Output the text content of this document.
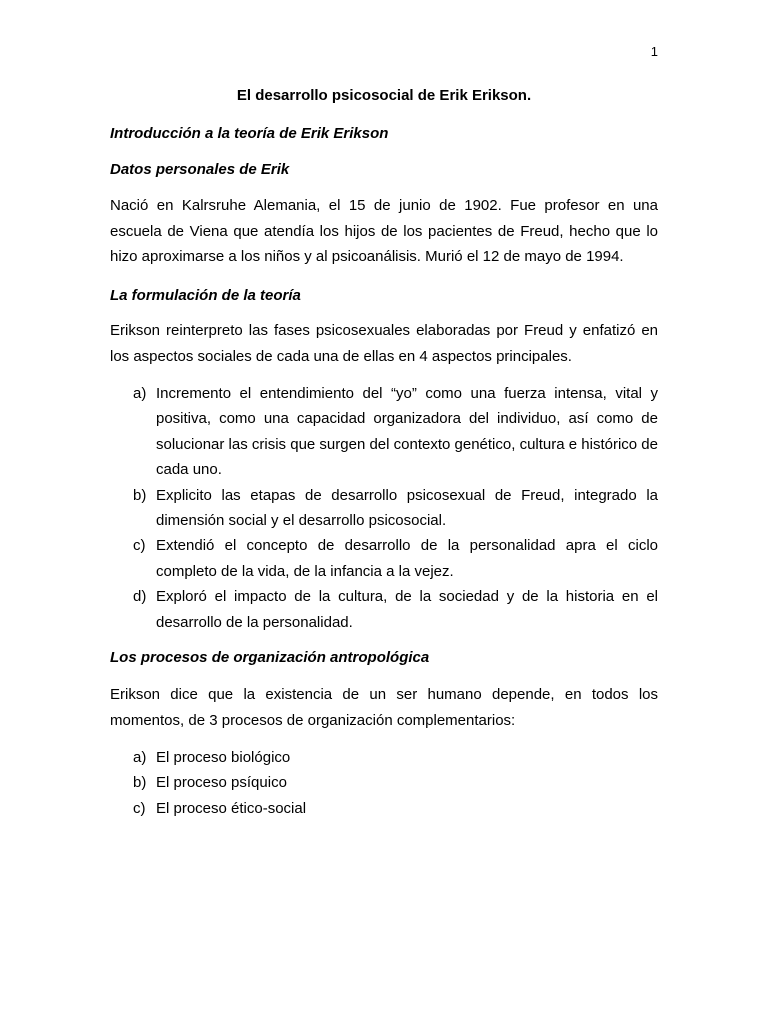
1
El desarrollo psicosocial de Erik Erikson.
Introducción a la teoría de Erik Erikson
Datos personales de Erik
Nació en Kalrsruhe Alemania, el 15 de junio de 1902. Fue profesor en una escuela de Viena que atendía los hijos de los pacientes de Freud, hecho que lo hizo aproximarse a los niños y al psicoanálisis. Murió el 12 de mayo de 1994.
La formulación de la teoría
Erikson reinterpreto las fases psicosexuales elaboradas por Freud y enfatizó en los aspectos sociales de cada una de ellas en 4 aspectos principales.
a) Incremento el entendimiento del “yo” como una fuerza intensa, vital y positiva, como una capacidad organizadora del individuo, así como de solucionar las crisis que surgen del contexto genético, cultura e histórico de cada uno.
b) Explicito las etapas de desarrollo psicosexual de Freud, integrado la dimensión social y el desarrollo psicosocial.
c) Extendió el concepto de desarrollo de la personalidad apra el ciclo completo de la vida, de la infancia a la vejez.
d) Exploró el impacto de la cultura, de la sociedad y de la historia en el desarrollo de la personalidad.
Los procesos de organización antropológica
Erikson dice que la existencia de un ser humano depende, en todos los momentos, de 3 procesos de organización complementarios:
a) El proceso biológico
b) El proceso psíquico
c) El proceso ético-social
